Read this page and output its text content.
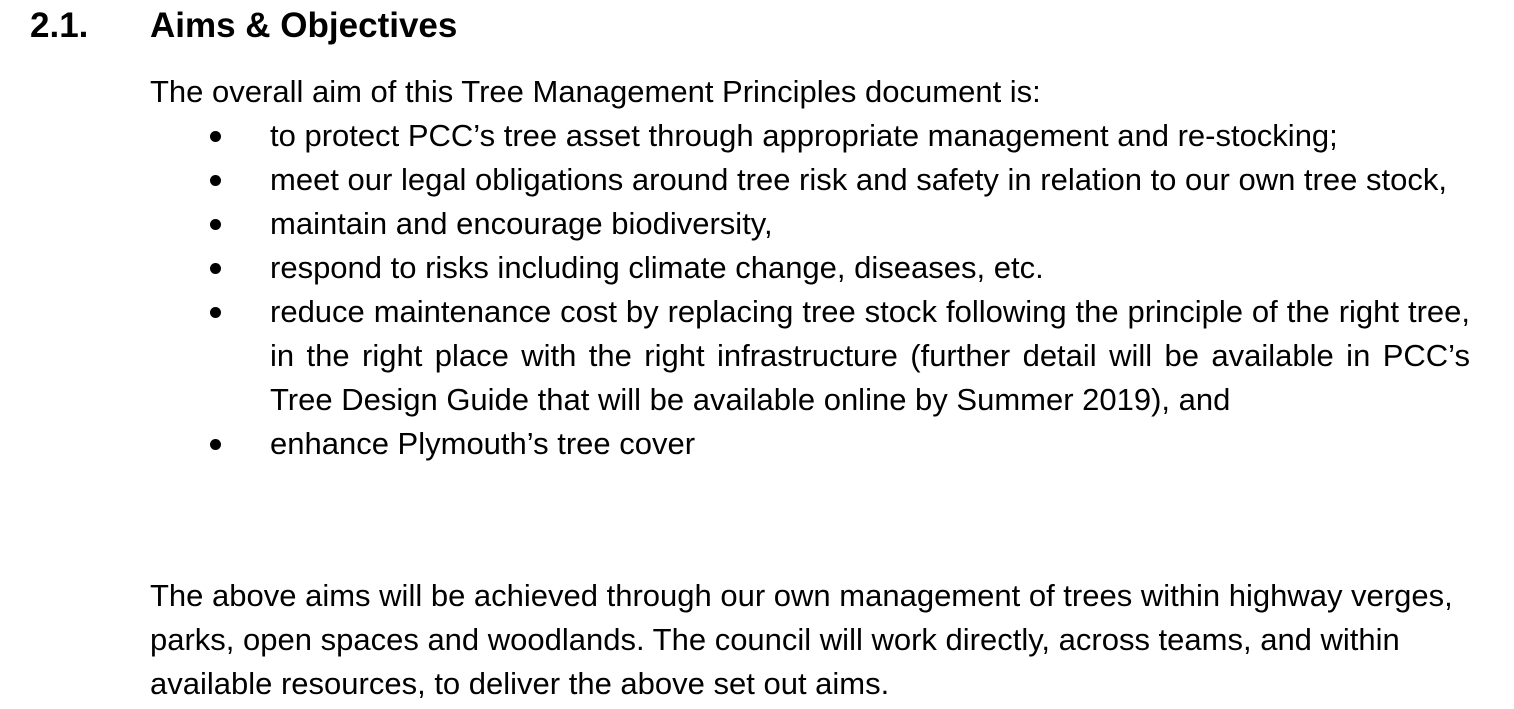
2.1. Aims & Objectives
The overall aim of this Tree Management Principles document is:
to protect PCC’s tree asset through appropriate management and re-stocking;
meet our legal obligations around tree risk and safety in relation to our own tree stock,
maintain and encourage biodiversity,
respond to risks including climate change, diseases, etc.
reduce maintenance cost by replacing tree stock following the principle of the right tree, in the right place with the right infrastructure (further detail will be available in PCC’s Tree Design Guide that will be available online by Summer 2019), and
enhance Plymouth’s tree cover

The above aims will be achieved through our own management of trees within highway verges, parks, open spaces and woodlands. The council will work directly, across teams, and within available resources, to deliver the above set out aims.
